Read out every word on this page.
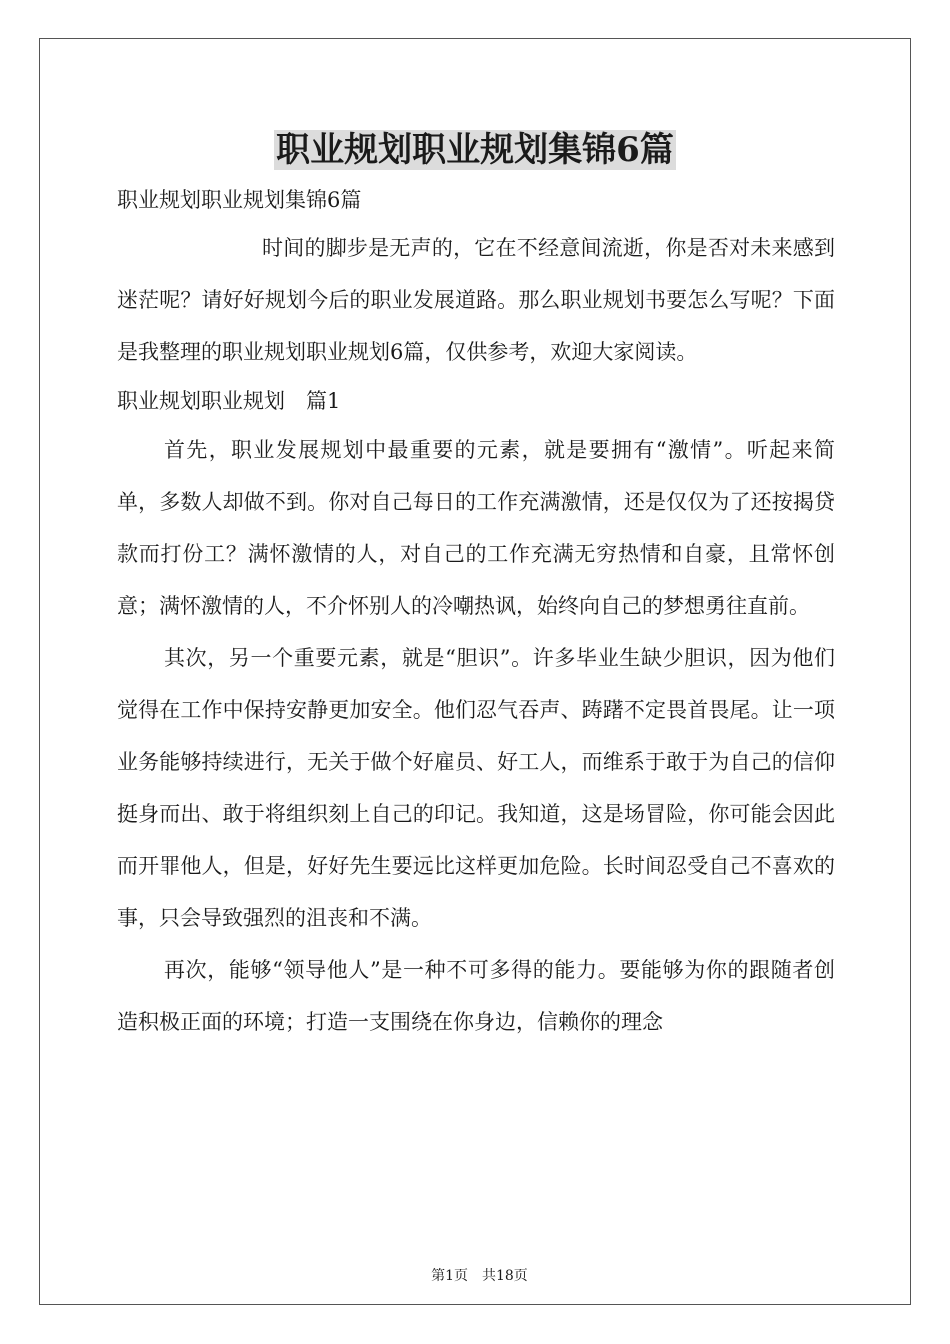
职业规划职业规划集锦6篇

职业规划职业规划集锦6篇

时间的脚步是无声的，它在不经意间流逝，你是否对未来感到迷茫呢？请好好规划今后的职业发展道路。那么职业规划书要怎么写呢？下面是我整理的职业规划职业规划6篇，仅供参考，欢迎大家阅读。

职业规划职业规划　篇1

首先，职业发展规划中最重要的元素，就是要拥有“激情”。听起来简单，多数人却做不到。你对自己每日的工作充满激情，还是仅仅为了还按揭贷款而打份工？满怀激情的人，对自己的工作充满无穷热情和自豪，且常怀创意；满怀激情的人，不介怀别人的冷嘲热讽，始终向自己的梦想勇往直前。

其次，另一个重要元素，就是“胆识”。许多毕业生缺少胆识，因为他们觉得在工作中保持安静更加安全。他们忍气吞声、踌躇不定畏首畏尾。让一项业务能够持续进行，无关于做个好雇员、好工人，而维系于敢于为自己的信仰挺身而出、敢于将组织刻上自己的印记。我知道，这是场冒险，你可能会因此而开罪他人，但是，好好先生要远比这样更加危险。长时间忍受自己不喜欢的事，只会导致强烈的沮丧和不满。

再次，能够“领导他人”是一种不可多得的能力。要能够为你的跟随者创造积极正面的环境；打造一支围绕在你身边，信赖你的理念

第1页　共18页
